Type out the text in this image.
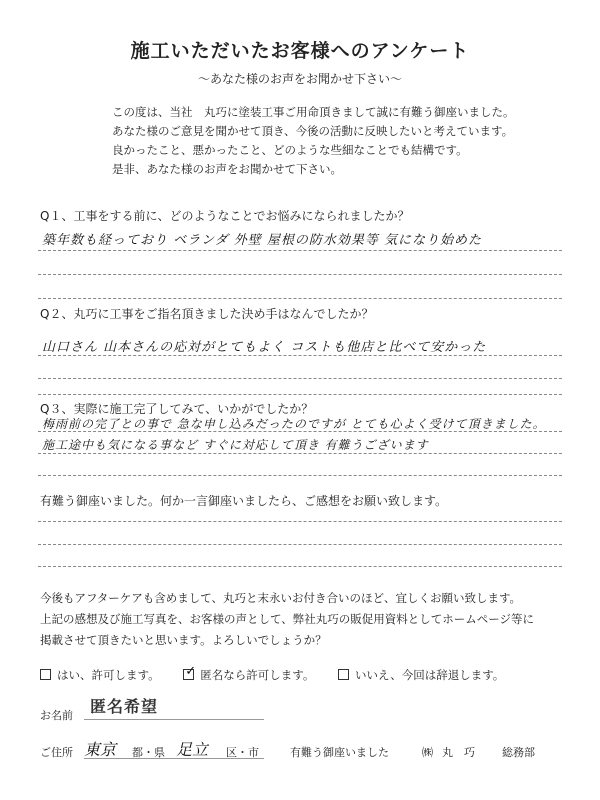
施工いただいたお客様へのアンケート
～あなた様のお声をお聞かせ下さい～
この度は、当社　丸巧に塗装工事ご用命頂きまして誠に有難う御座いました。
あなた様のご意見を聞かせて頂き、今後の活動に反映したいと考えています。
良かったこと、悪かったこと、どのような些細なことでも結構です。
是非、あなた様のお声をお聞かせて下さい。
Q１、工事をする前に、どのようなことでお悩みになられましたか？
築年数も経っており ベランダ 外壁 屋根の防水効果等 気になり始めた
Q２、丸巧に工事をご指名頂きました決め手はなんでしたか？
山口さん 山本さんの応対がとてもよく コストも他店と比べて安かった
Q３、実際に施工完了してみて、いかがでしたか？
梅雨前の完了との事で 急な申し込みだったのですが とても心よく受けて頂きました。
施工途中も気になる事など すぐに対応して頂き 有難うございます
有難う御座いました。何か一言御座いましたら、ご感想をお願い致します。
今後もアフターケアも含めまして、丸巧と末永いお付き合いのほど、宜しくお願い致します。
上記の感想及び施工写真を、お客様の声として、弊社丸巧の販促用資料としてホームページ等に
掲載させて頂きたいと思います。よろしいでしょうか？
はい、許可します。 ✓ 匿名なら許可します。	いいえ、今回は辞退します。
お名前 匿名希望
ご住所 東京 都・県 足立 区・市	有難う御座いました	㈱ 丸　巧 総務部
